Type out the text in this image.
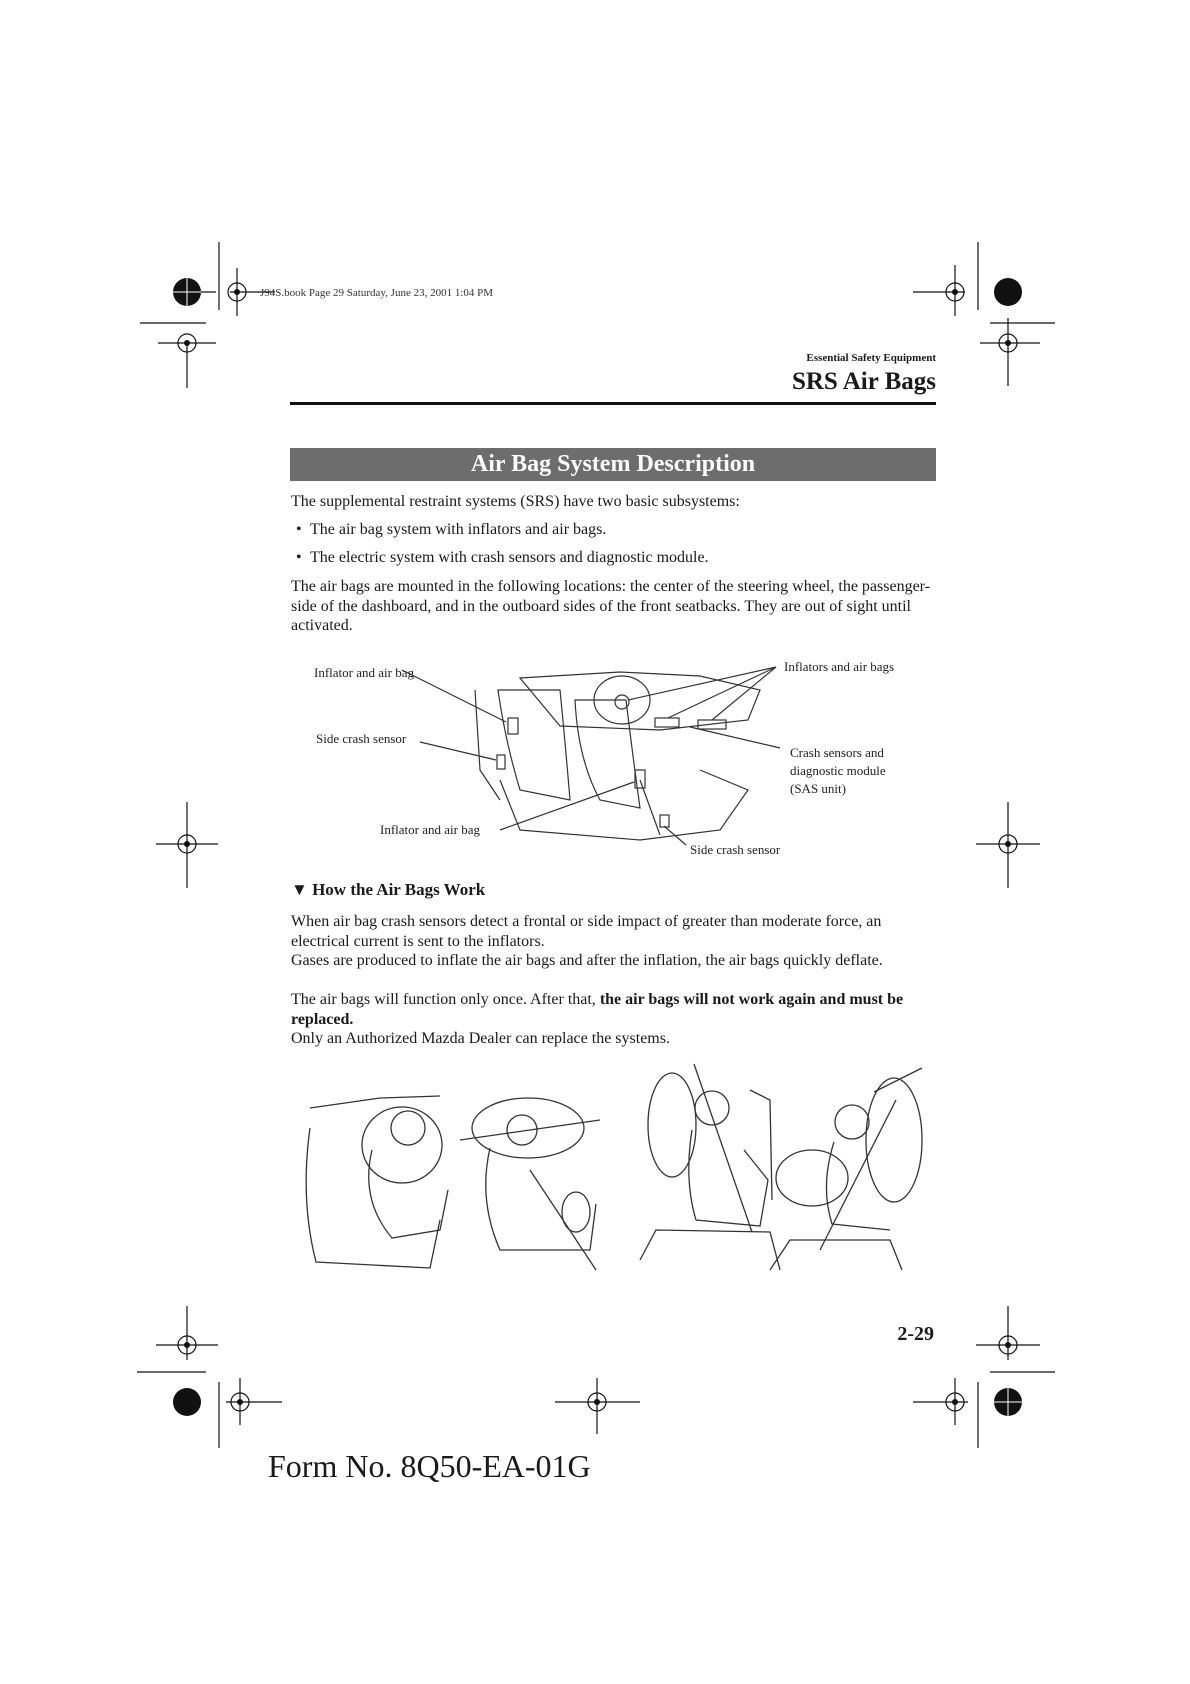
J94S.book Page 29 Saturday, June 23, 2001 1:04 PM
Essential Safety Equipment
SRS Air Bags
Air Bag System Description
The supplemental restraint systems (SRS) have two basic subsystems:
• The air bag system with inflators and air bags.
• The electric system with crash sensors and diagnostic module.
The air bags are mounted in the following locations: the center of the steering wheel, the passenger-side of the dashboard, and in the outboard sides of the front seatbacks. They are out of sight until activated.
Inflator and air bag
Side crash sensor
Inflator and air bag
Inflators and air bags
Crash sensors and
diagnostic module
(SAS unit)
Side crash sensor
▼ How the Air Bags Work
When air bag crash sensors detect a frontal or side impact of greater than moderate force, an electrical current is sent to the inflators.
Gases are produced to inflate the air bags and after the inflation, the air bags quickly deflate.
The air bags will function only once. After that, the air bags will not work again and must be replaced.
Only an Authorized Mazda Dealer can replace the systems.
2-29
Form No. 8Q50-EA-01G
